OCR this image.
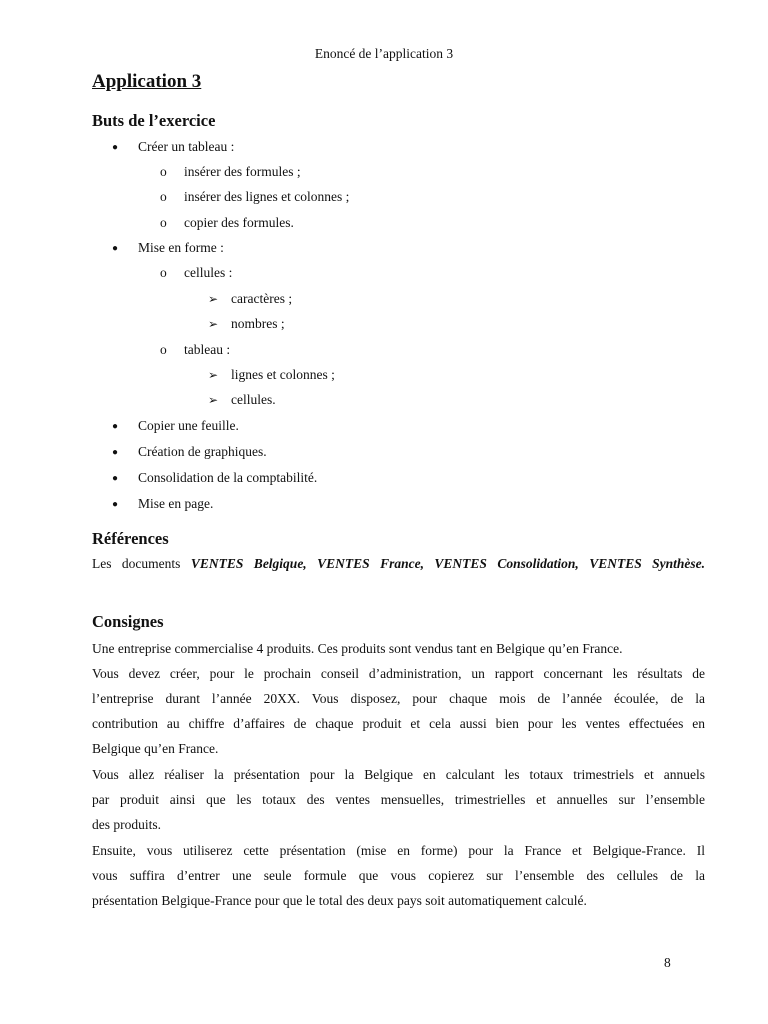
Enoncé de l’application 3
Application 3
Buts de l’exercice
● Créer un tableau :
o insérer des formules ;
o insérer des lignes et colonnes ;
o copier des formules.
● Mise en forme :
o cellules :
➢ caractères ;
➢ nombres ;
o tableau :
➢ lignes et colonnes ;
➢ cellules.
● Copier une feuille.
● Création de graphiques.
● Consolidation de la comptabilité.
● Mise en page.
Références
Les documents VENTES Belgique, VENTES France, VENTES Consolidation, VENTES Synthèse.
Consignes
Une entreprise commercialise 4 produits. Ces produits sont vendus tant en Belgique qu’en France.
Vous devez créer, pour le prochain conseil d’administration, un rapport concernant les résultats de
l’entreprise durant l’année 20XX. Vous disposez, pour chaque mois de l’année écoulée, de la
contribution au chiffre d’affaires de chaque produit et cela aussi bien pour les ventes effectuées en
Belgique qu’en France.
Vous allez réaliser la présentation pour la Belgique en calculant les totaux trimestriels et annuels
par produit ainsi que les totaux des ventes mensuelles, trimestrielles et annuelles sur l’ensemble
des produits.
Ensuite, vous utiliserez cette présentation (mise en forme) pour la France et Belgique-France. Il
vous suffira d’entrer une seule formule que vous copierez sur l’ensemble des cellules de la
présentation Belgique-France pour que le total des deux pays soit automatiquement calculé.
8
